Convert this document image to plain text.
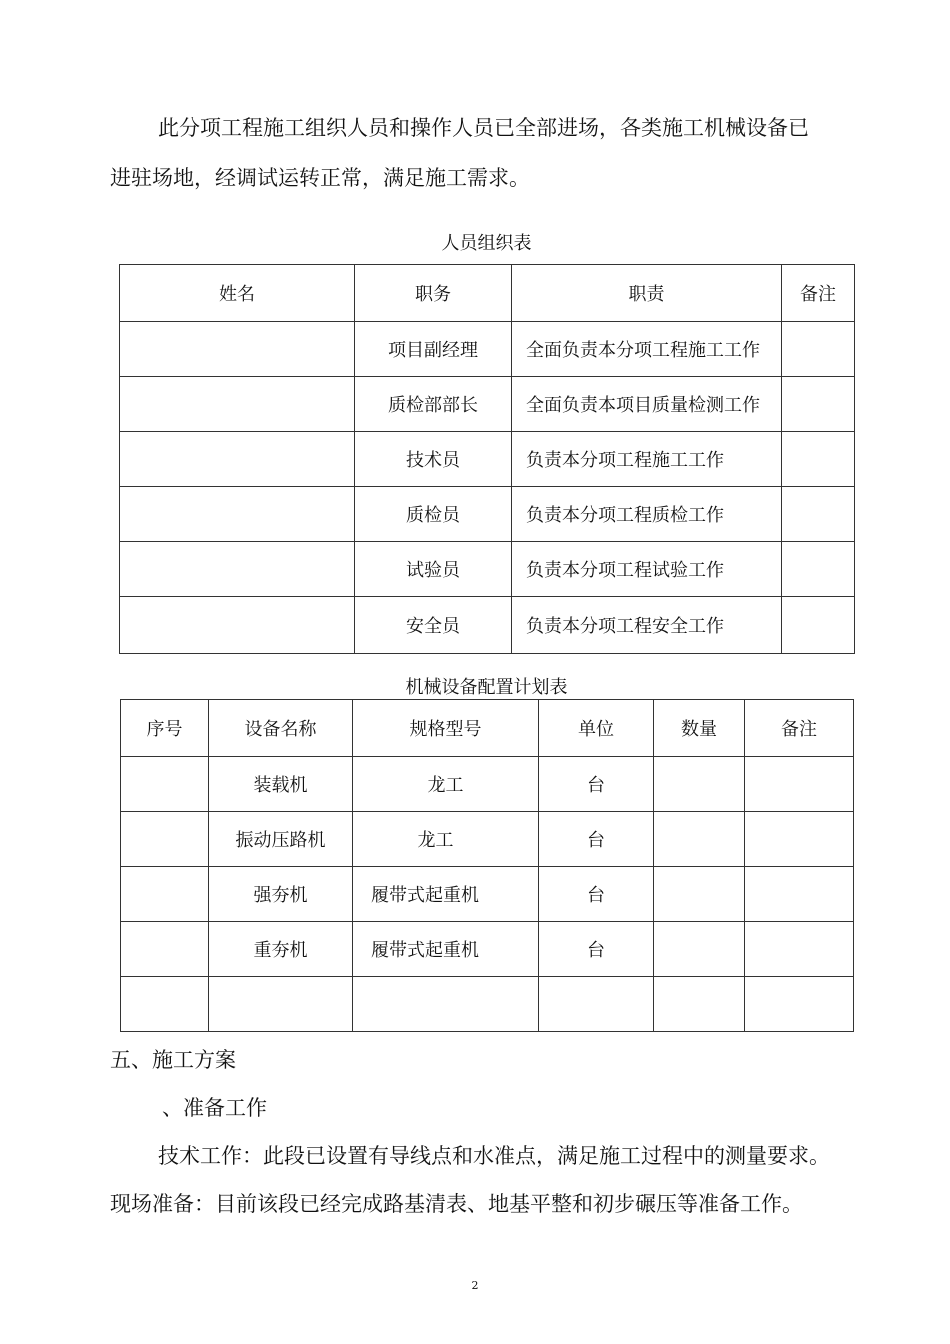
此分项工程施工组织人员和操作人员已全部进场，各类施工机械设备已
进驻场地，经调试运转正常，满足施工需求。
人员组织表
姓名	职务	职责	备注
	项目副经理	全面负责本分项工程施工工作	
	质检部部长	全面负责本项目质量检测工作	
	技术员	负责本分项工程施工工作	
	质检员	负责本分项工程质检工作	
	试验员	负责本分项工程试验工作	
	安全员	负责本分项工程安全工作	
机械设备配置计划表
序号	设备名称	规格型号	单位	数量	备注
	装载机	龙工	台		
	振动压路机	龙工	台		
	强夯机	履带式起重机	台		
	重夯机	履带式起重机	台		

五、施工方案
、准备工作
技术工作：此段已设置有导线点和水准点，满足施工过程中的测量要求。
现场准备：目前该段已经完成路基清表、地基平整和初步碾压等准备工作。
2
